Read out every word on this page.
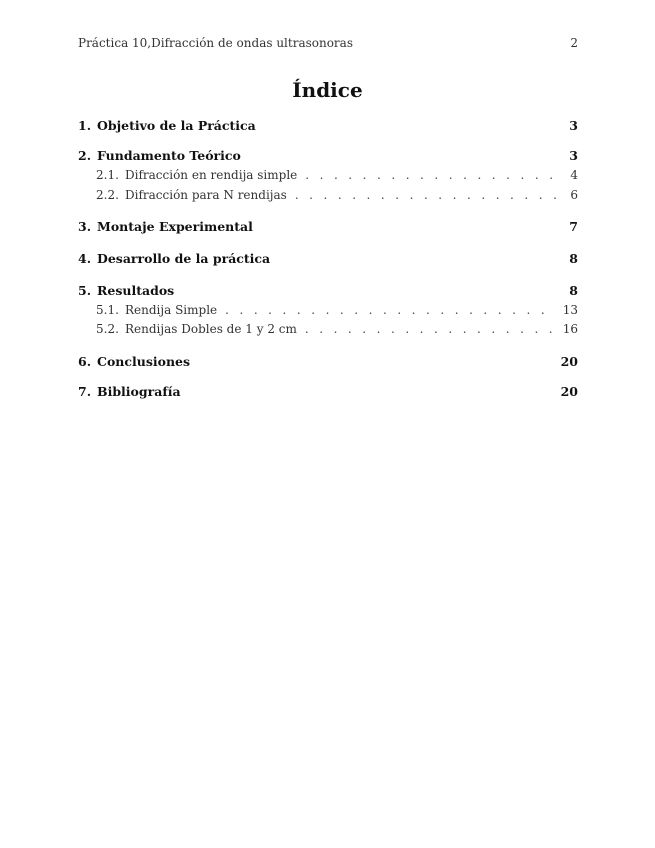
Práctica 10,Difracción de ondas ultrasonoras	2
Índice
1. Objetivo de la Práctica	3
2. Fundamento Teórico	3
2.1. Difracción en rendija simple . . .	4
2.2. Difracción para N rendijas . . .	6
3. Montaje Experimental	7
4. Desarrollo de la práctica	8
5. Resultados	8
5.1. Rendija Simple . . .	13
5.2. Rendijas Dobles de 1 y 2 cm . . .	16
6. Conclusiones	20
7. Bibliografía	20
